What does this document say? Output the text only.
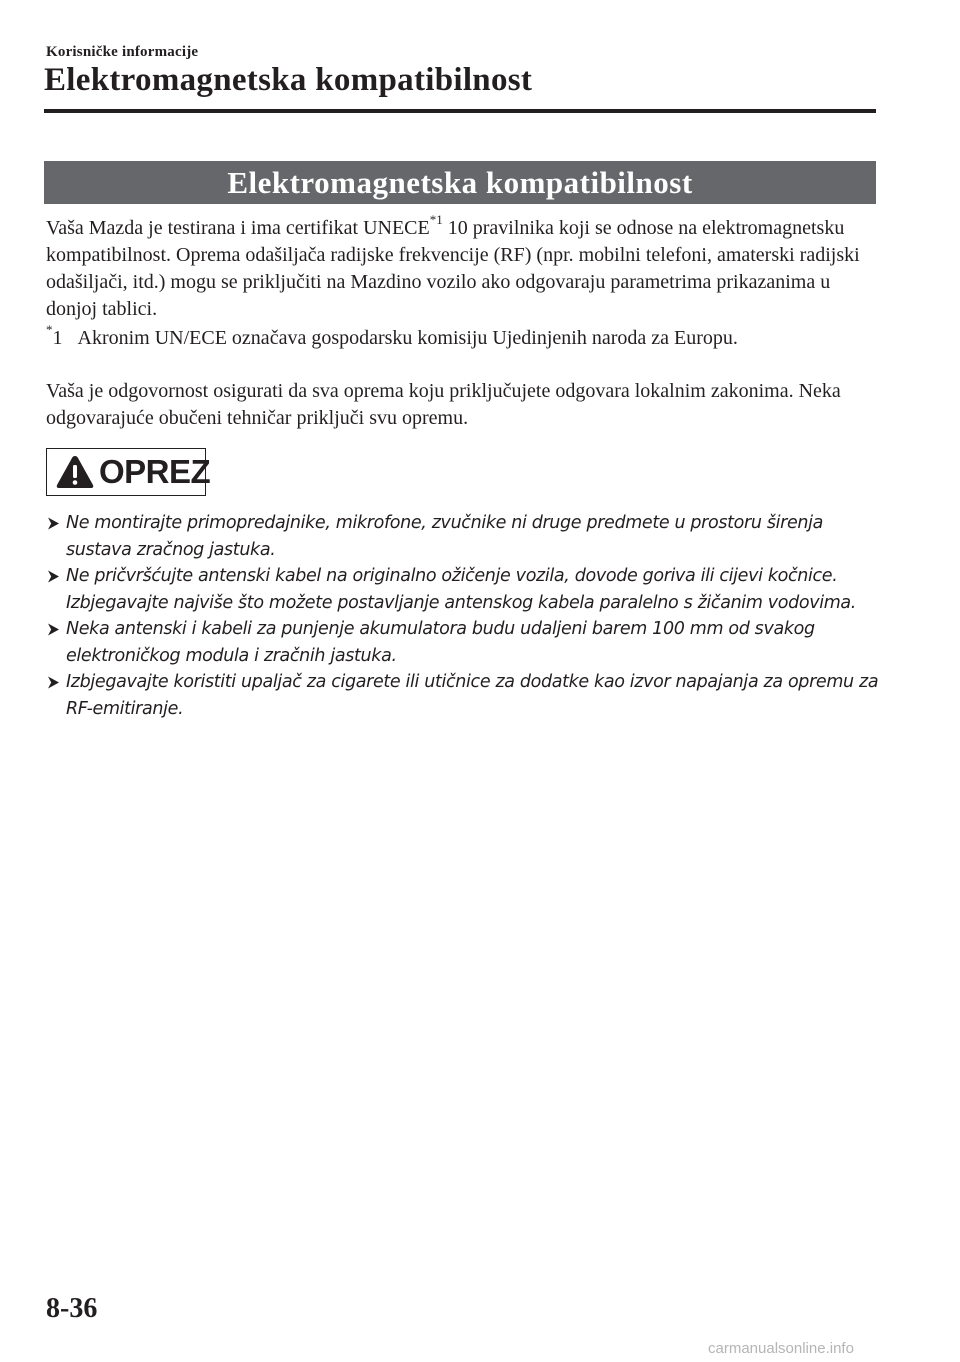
Korisničke informacije
Elektromagnetska kompatibilnost
Elektromagnetska kompatibilnost
Vaša Mazda je testirana i ima certifikat UNECE$^{*1}$ 10 pravilnika koji se odnose na elektromagnetsku kompatibilnost. Oprema odašiljača radijske frekvencije (RF) (npr. mobilni telefoni, amaterski radijski odašiljači, itd.) mogu se priključiti na Mazdino vozilo ako odgovaraju parametrima prikazanima u donjoj tablici.
*1 Akronim UN/ECE označava gospodarsku komisiju Ujedinjenih naroda za Europu.
Vaša je odgovornost osigurati da sva oprema koju priključujete odgovara lokalnim zakonima. Neka odgovarajuće obučeni tehničar priključi svu opremu.
OPREZ
Ne montirajte primopredajnike, mikrofone, zvučnike ni druge predmete u prostoru širenja sustava zračnog jastuka.
Ne pričvršćujte antenski kabel na originalno ožičenje vozila, dovode goriva ili cijevi kočnice. Izbjegavajte najviše što možete postavljanje antenskog kabela paralelno s žičanim vodovima.
Neka antenski i kabeli za punjenje akumulatora budu udaljeni barem 100 mm od svakog elektroničkog modula i zračnih jastuka.
Izbjegavajte koristiti upaljač za cigarete ili utičnice za dodatke kao izvor napajanja za opremu za RF-emitiranje.
8-36
carmanualsonline.info
